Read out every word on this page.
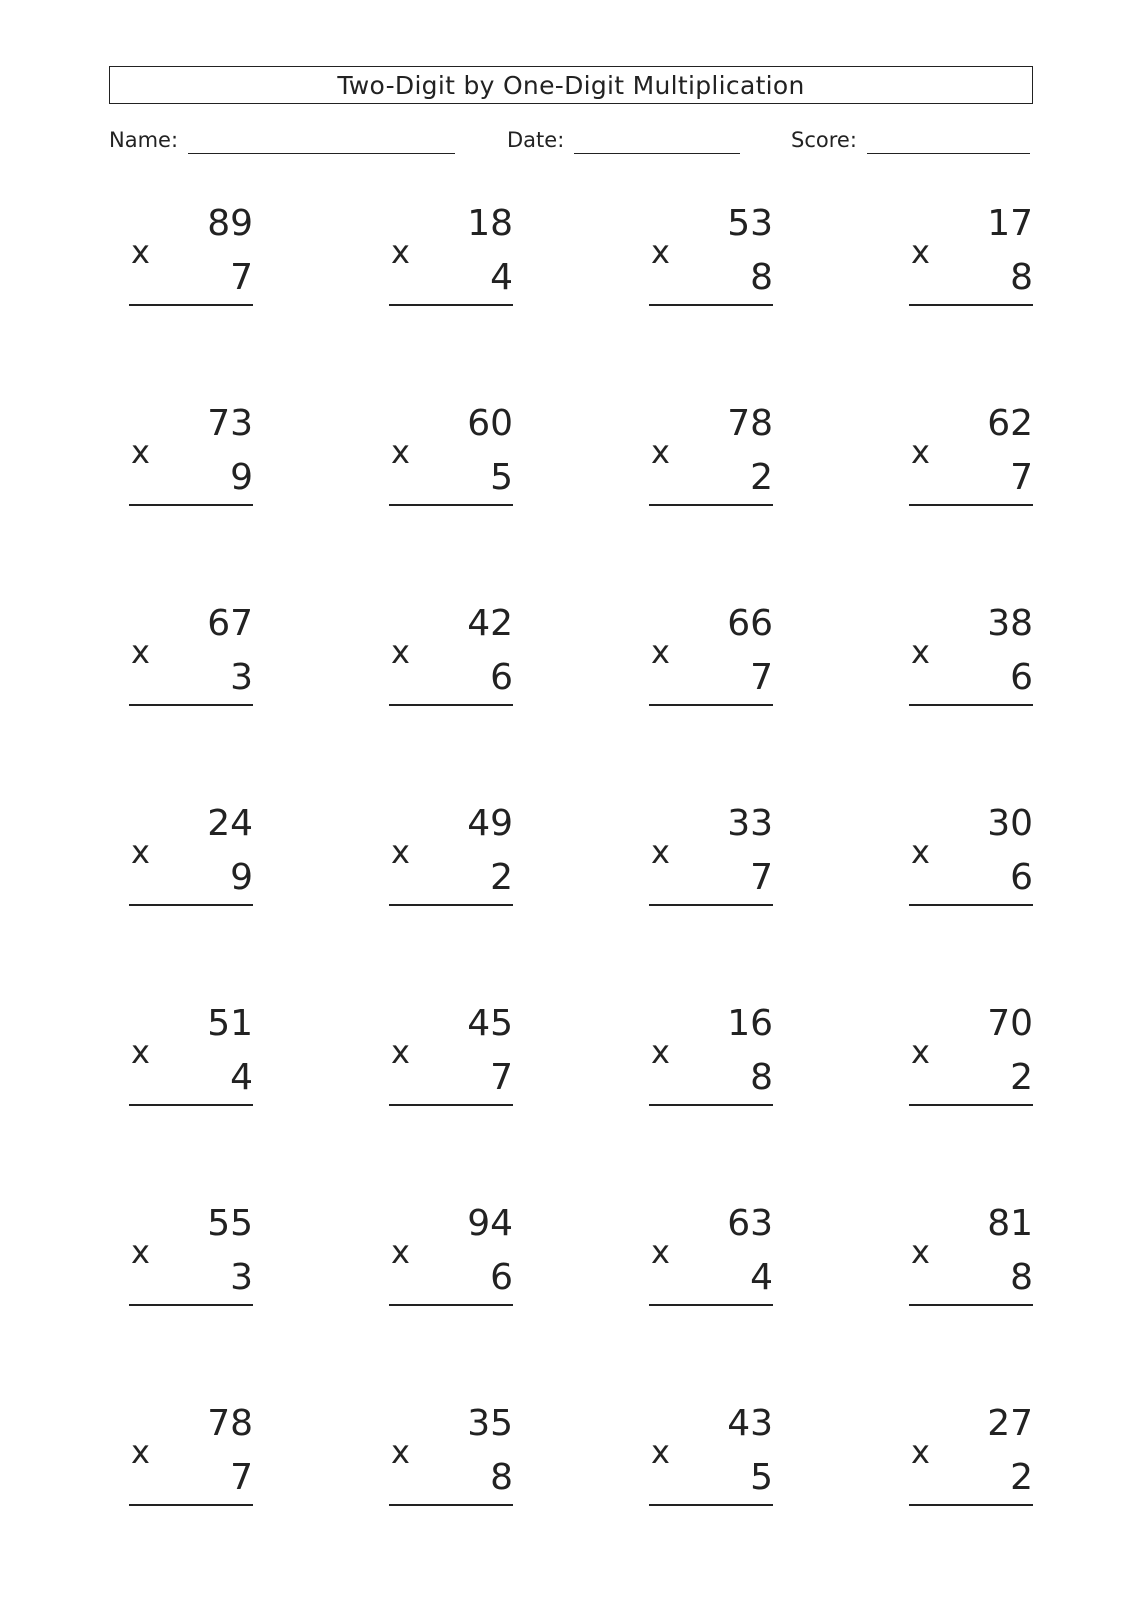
Two-Digit by One-Digit Multiplication
Name:	Date:	Score:
89
x
7
18
x
4
53
x
8
17
x
8
73
x
9
60
x
5
78
x
2
62
x
7
67
x
3
42
x
6
66
x
7
38
x
6
24
x
9
49
x
2
33
x
7
30
x
6
51
x
4
45
x
7
16
x
8
70
x
2
55
x
3
94
x
6
63
x
4
81
x
8
78
x
7
35
x
8
43
x
5
27
x
2
